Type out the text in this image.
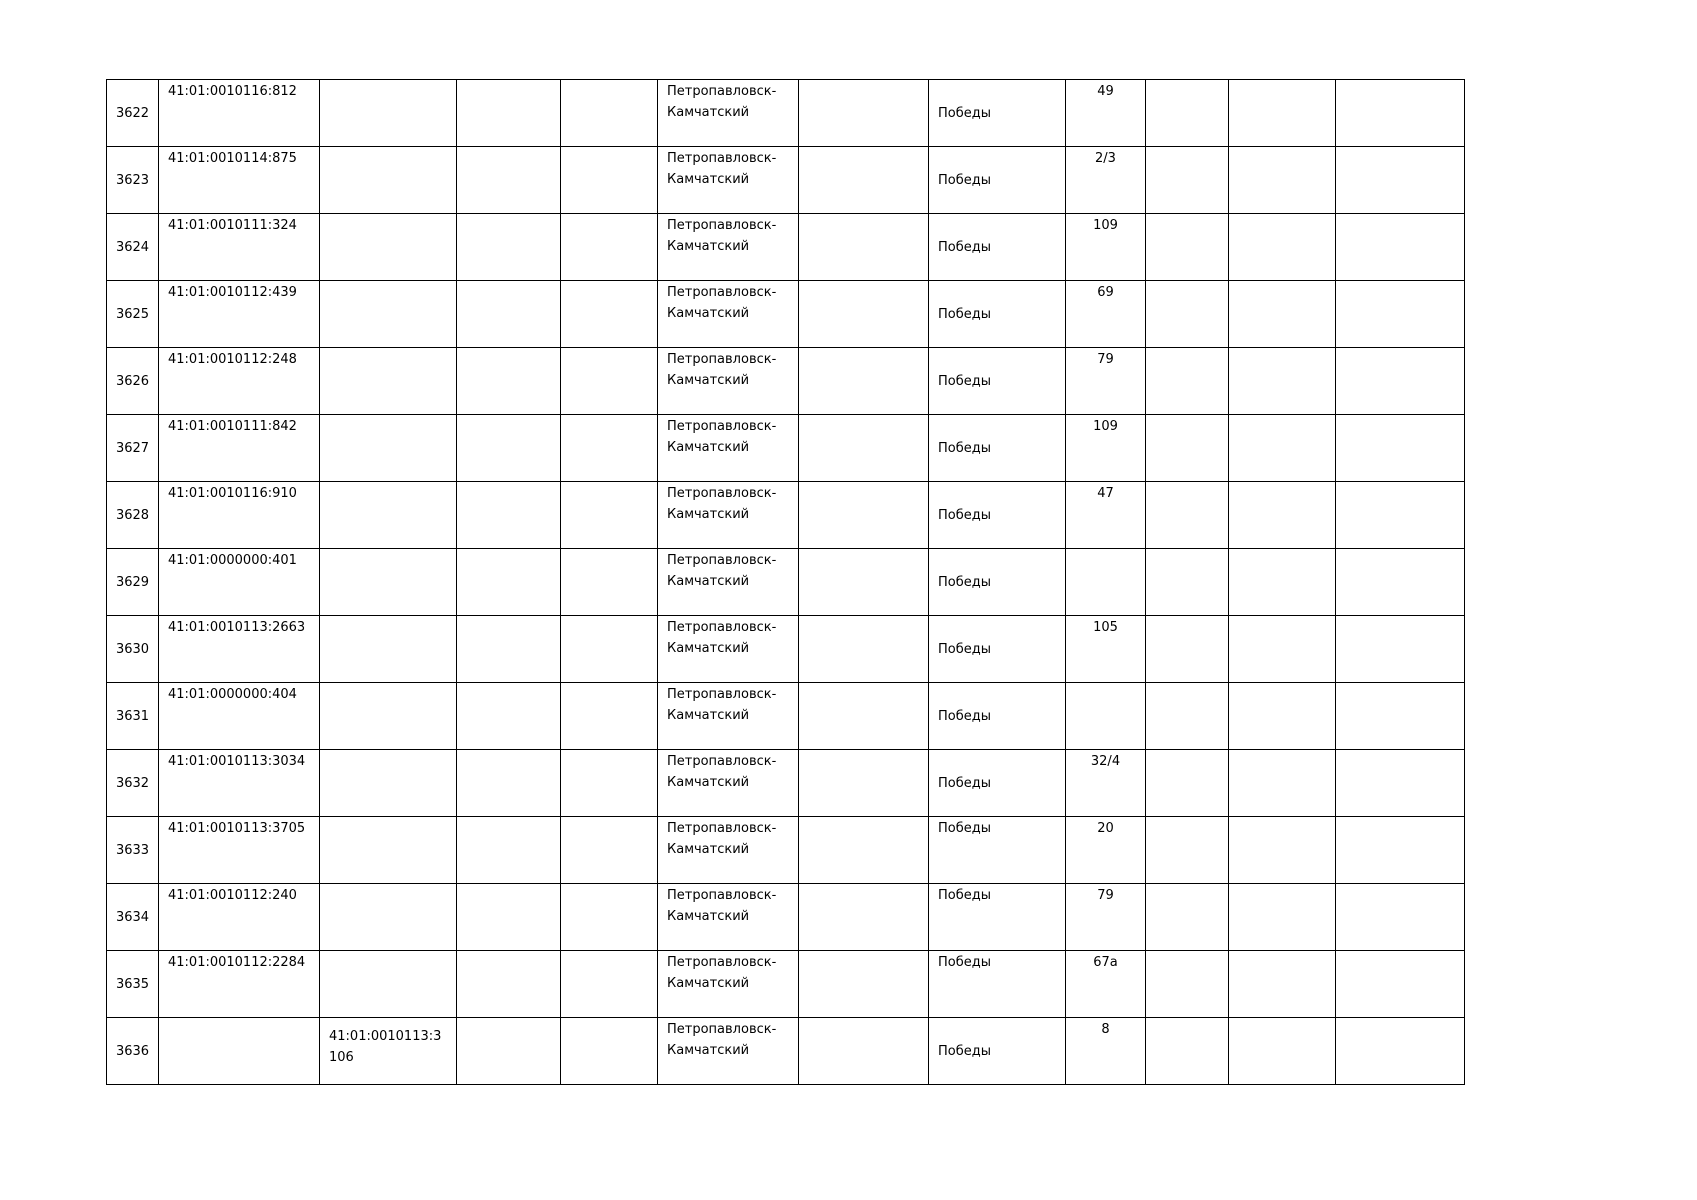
3622	41:01:0010116:812				Петропавловск-
Камчатский		Победы	49			
3623	41:01:0010114:875				Петропавловск-
Камчатский		Победы	2/3			
3624	41:01:0010111:324				Петропавловск-
Камчатский		Победы	109			
3625	41:01:0010112:439				Петропавловск-
Камчатский		Победы	69			
3626	41:01:0010112:248				Петропавловск-
Камчатский		Победы	79			
3627	41:01:0010111:842				Петропавловск-
Камчатский		Победы	109			
3628	41:01:0010116:910				Петропавловск-
Камчатский		Победы	47			
3629	41:01:0000000:401				Петропавловск-
Камчатский		Победы				
3630	41:01:0010113:2663				Петропавловск-
Камчатский		Победы	105			
3631	41:01:0000000:404				Петропавловск-
Камчатский		Победы				
3632	41:01:0010113:3034				Петропавловск-
Камчатский		Победы	32/4			
3633	41:01:0010113:3705				Петропавловск-
Камчатский		Победы	20			
3634	41:01:0010112:240				Петропавловск-
Камчатский		Победы	79			
3635	41:01:0010112:2284				Петропавловск-
Камчатский		Победы	67а			
3636		41:01:0010113:3106			Петропавловск-
Камчатский		Победы	8			
